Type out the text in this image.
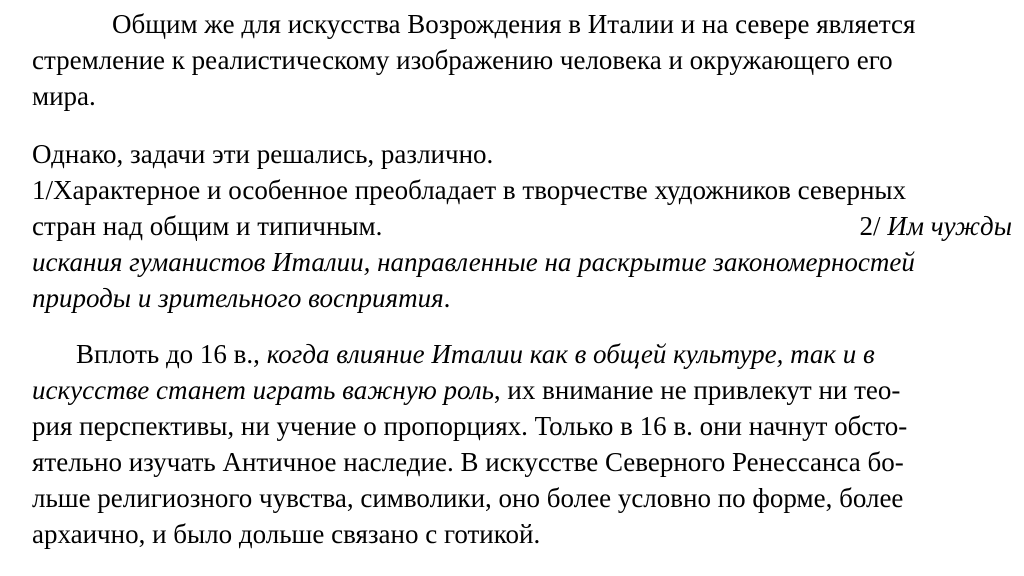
Общим же для искусства Возрождения в Италии и на севере является
стремление к реалистическому изображению человека и окружающего его
мира.
Однако, задачи эти решались, различно.
1/Характерное и особенное преобладает в творчестве художников северных
стран над общим и типичным.	2/ Им чужды
искания гуманистов Италии, направленные на раскрытие закономерностей
природы и зрительного восприятия.
Вплоть до 16 в., когда влияние Италии как в общей культуре, так и в
искусстве станет играть важную роль, их внимание не привлекут ни тео-
рия перспективы, ни учение о пропорциях. Только в 16 в. они начнут обсто-
ятельно изучать Античное наследие. В искусстве Северного Ренессанса бо-
льше религиозного чувства, символики, оно более условно по форме, более
архаично, и было дольше связано с готикой.
